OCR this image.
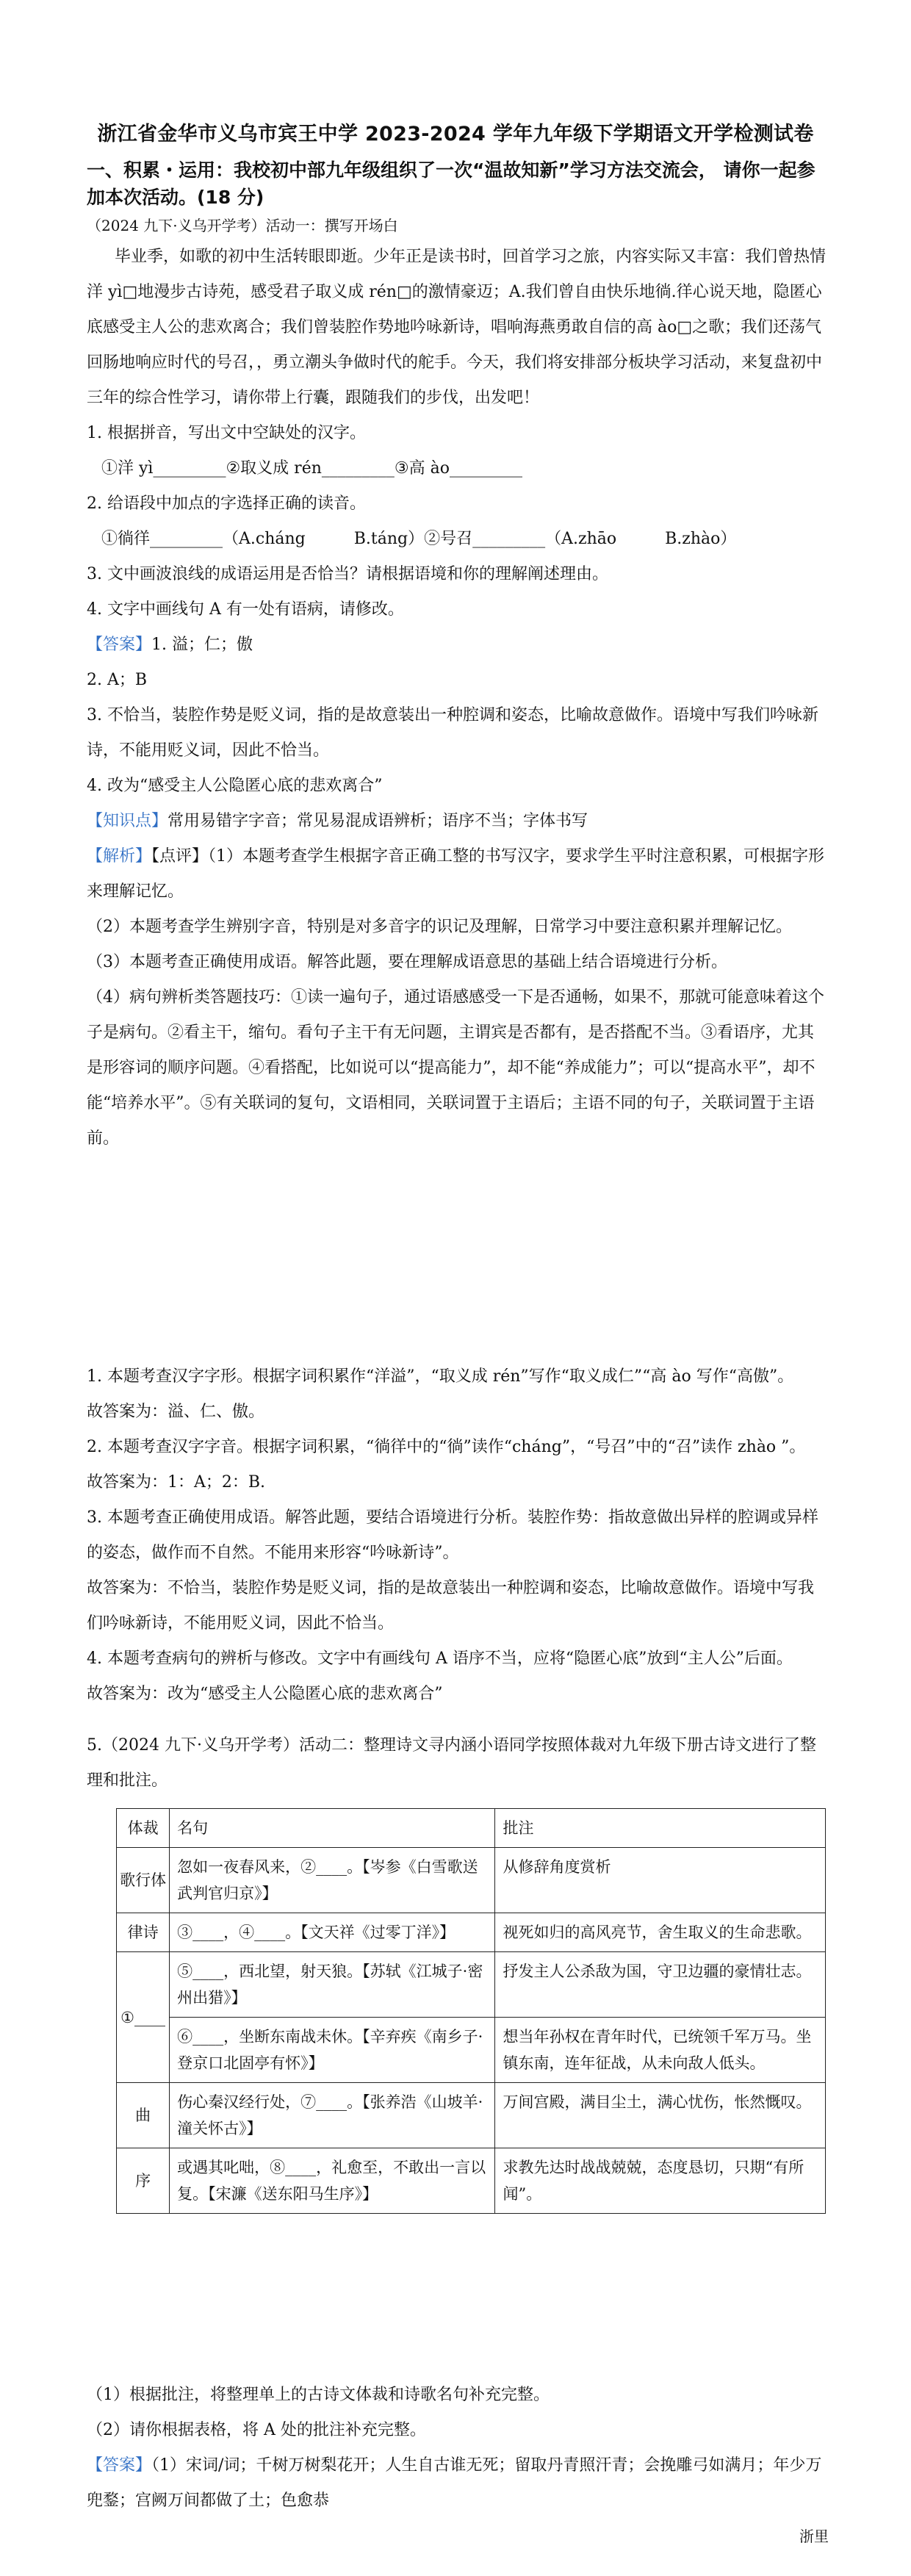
浙江省金华市义乌市宾王中学 2023-2024 学年九年级下学期语文开学检测试卷
一、积累・运用：我校初中部九年级组织了一次“温故知新”学习方法交流会， 请你一起参加本次活动。(18 分)
（2024 九下·义乌开学考）活动一：撰写开场白
毕业季，如歌的初中生活转眼即逝。少年正是读书时，回首学习之旅，内容实际又丰富：我们曾热情洋 yì□地漫步古诗苑，感受君子取义成 rén□的激情豪迈；A.我们曾自由快乐地徜.徉心说天地，隐匿心底感受主人公的悲欢离合；我们曾装腔作势地吟咏新诗，唱响海燕勇敢自信的高 ào□之歌；我们还荡气回肠地响应时代的号召，，勇立潮头争做时代的舵手。今天，我们将安排部分板块学习活动，来复盘初中三年的综合性学习，请你带上行囊，跟随我们的步伐，出发吧！
1. 根据拼音，写出文中空缺处的汉字。
①洋 yì_________②取义成 rén_________③高 ào_________
2. 给语段中加点的字选择正确的读音。
①徜徉_________（A.cháng　　　B.táng）②号召_________（A.zhāo　　　B.zhào）
3. 文中画波浪线的成语运用是否恰当？请根据语境和你的理解阐述理由。
4. 文字中画线句 A 有一处有语病，请修改。
【答案】1. 溢；仁；傲
2. A；B
3. 不恰当，装腔作势是贬义词，指的是故意装出一种腔调和姿态，比喻故意做作。语境中写我们吟咏新诗，不能用贬义词，因此不恰当。
4. 改为“感受主人公隐匿心底的悲欢离合”
【知识点】常用易错字字音；常见易混成语辨析；语序不当；字体书写
【解析】【点评】（1）本题考查学生根据字音正确工整的书写汉字，要求学生平时注意积累，可根据字形来理解记忆。
（2）本题考查学生辨别字音，特别是对多音字的识记及理解，日常学习中要注意积累并理解记忆。
（3）本题考查正确使用成语。解答此题，要在理解成语意思的基础上结合语境进行分析。
（4）病句辨析类答题技巧：①读一遍句子，通过语感感受一下是否通畅，如果不，那就可能意味着这个子是病句。②看主干，缩句。看句子主干有无问题，主谓宾是否都有，是否搭配不当。③看语序，尤其是形容词的顺序问题。④看搭配，比如说可以“提高能力”，却不能“养成能力”；可以“提高水平”，却不能“培养水平”。⑤有关联词的复句，文语相同，关联词置于主语后；主语不同的句子，关联词置于主语前。
1. 本题考查汉字字形。根据字词积累作“洋溢”，“取义成 rén”写作“取义成仁”“高 ào 写作“高傲”。
故答案为：溢、仁、傲。
2. 本题考查汉字字音。根据字词积累，“徜徉中的“徜”读作“cháng”，“号召”中的“召”读作 zhào ”。
故答案为：1：A；2：B.
3. 本题考查正确使用成语。解答此题，要结合语境进行分析。装腔作势：指故意做出异样的腔调或异样的姿态，做作而不自然。不能用来形容“吟咏新诗”。
故答案为：不恰当，装腔作势是贬义词，指的是故意装出一种腔调和姿态，比喻故意做作。语境中写我们吟咏新诗，不能用贬义词，因此不恰当。
4. 本题考查病句的辨析与修改。文字中有画线句 A 语序不当，应将“隐匿心底”放到“主人公”后面。
故答案为：改为“感受主人公隐匿心底的悲欢离合”
5.（2024 九下·义乌开学考）活动二：整理诗文寻内涵小语同学按照体裁对九年级下册古诗文进行了整理和批注。
体裁	名句	批注
歌行体	忽如一夜春风来，②____。【岑参《白雪歌送武判官归京》】	从修辞角度赏析
律诗	③____，④____。【文天祥《过零丁洋》】	视死如归的高风亮节，舍生取义的生命悲歌。
①____	⑤____，西北望，射天狼。【苏轼《江城子·密州出猎》】	抒发主人公杀敌为国，守卫边疆的豪情壮志。
	⑥____，坐断东南战未休。【辛弃疾《南乡子·登京口北固亭有怀》】	想当年孙权在青年时代，已统领千军万马。坐镇东南，连年征战，从未向敌人低头。
曲	伤心秦汉经行处，⑦____。【张养浩《山坡羊·潼关怀古》】	万间宫殿，满目尘土，满心忧伤，怅然慨叹。
序	或遇其叱咄，⑧____，礼愈至，不敢出一言以复。【宋濂《送东阳马生序》】	求教先达时战战兢兢，态度恳切，只期“有所闻”。
（1）根据批注，将整理单上的古诗文体裁和诗歌名句补充完整。
（2）请你根据表格，将 A 处的批注补充完整。
【答案】（1）宋词/词；千树万树梨花开；人生自古谁无死；留取丹青照汗青；会挽雕弓如满月；年少万兜鍪；宫阙万间都做了土；色愈恭
浙里
